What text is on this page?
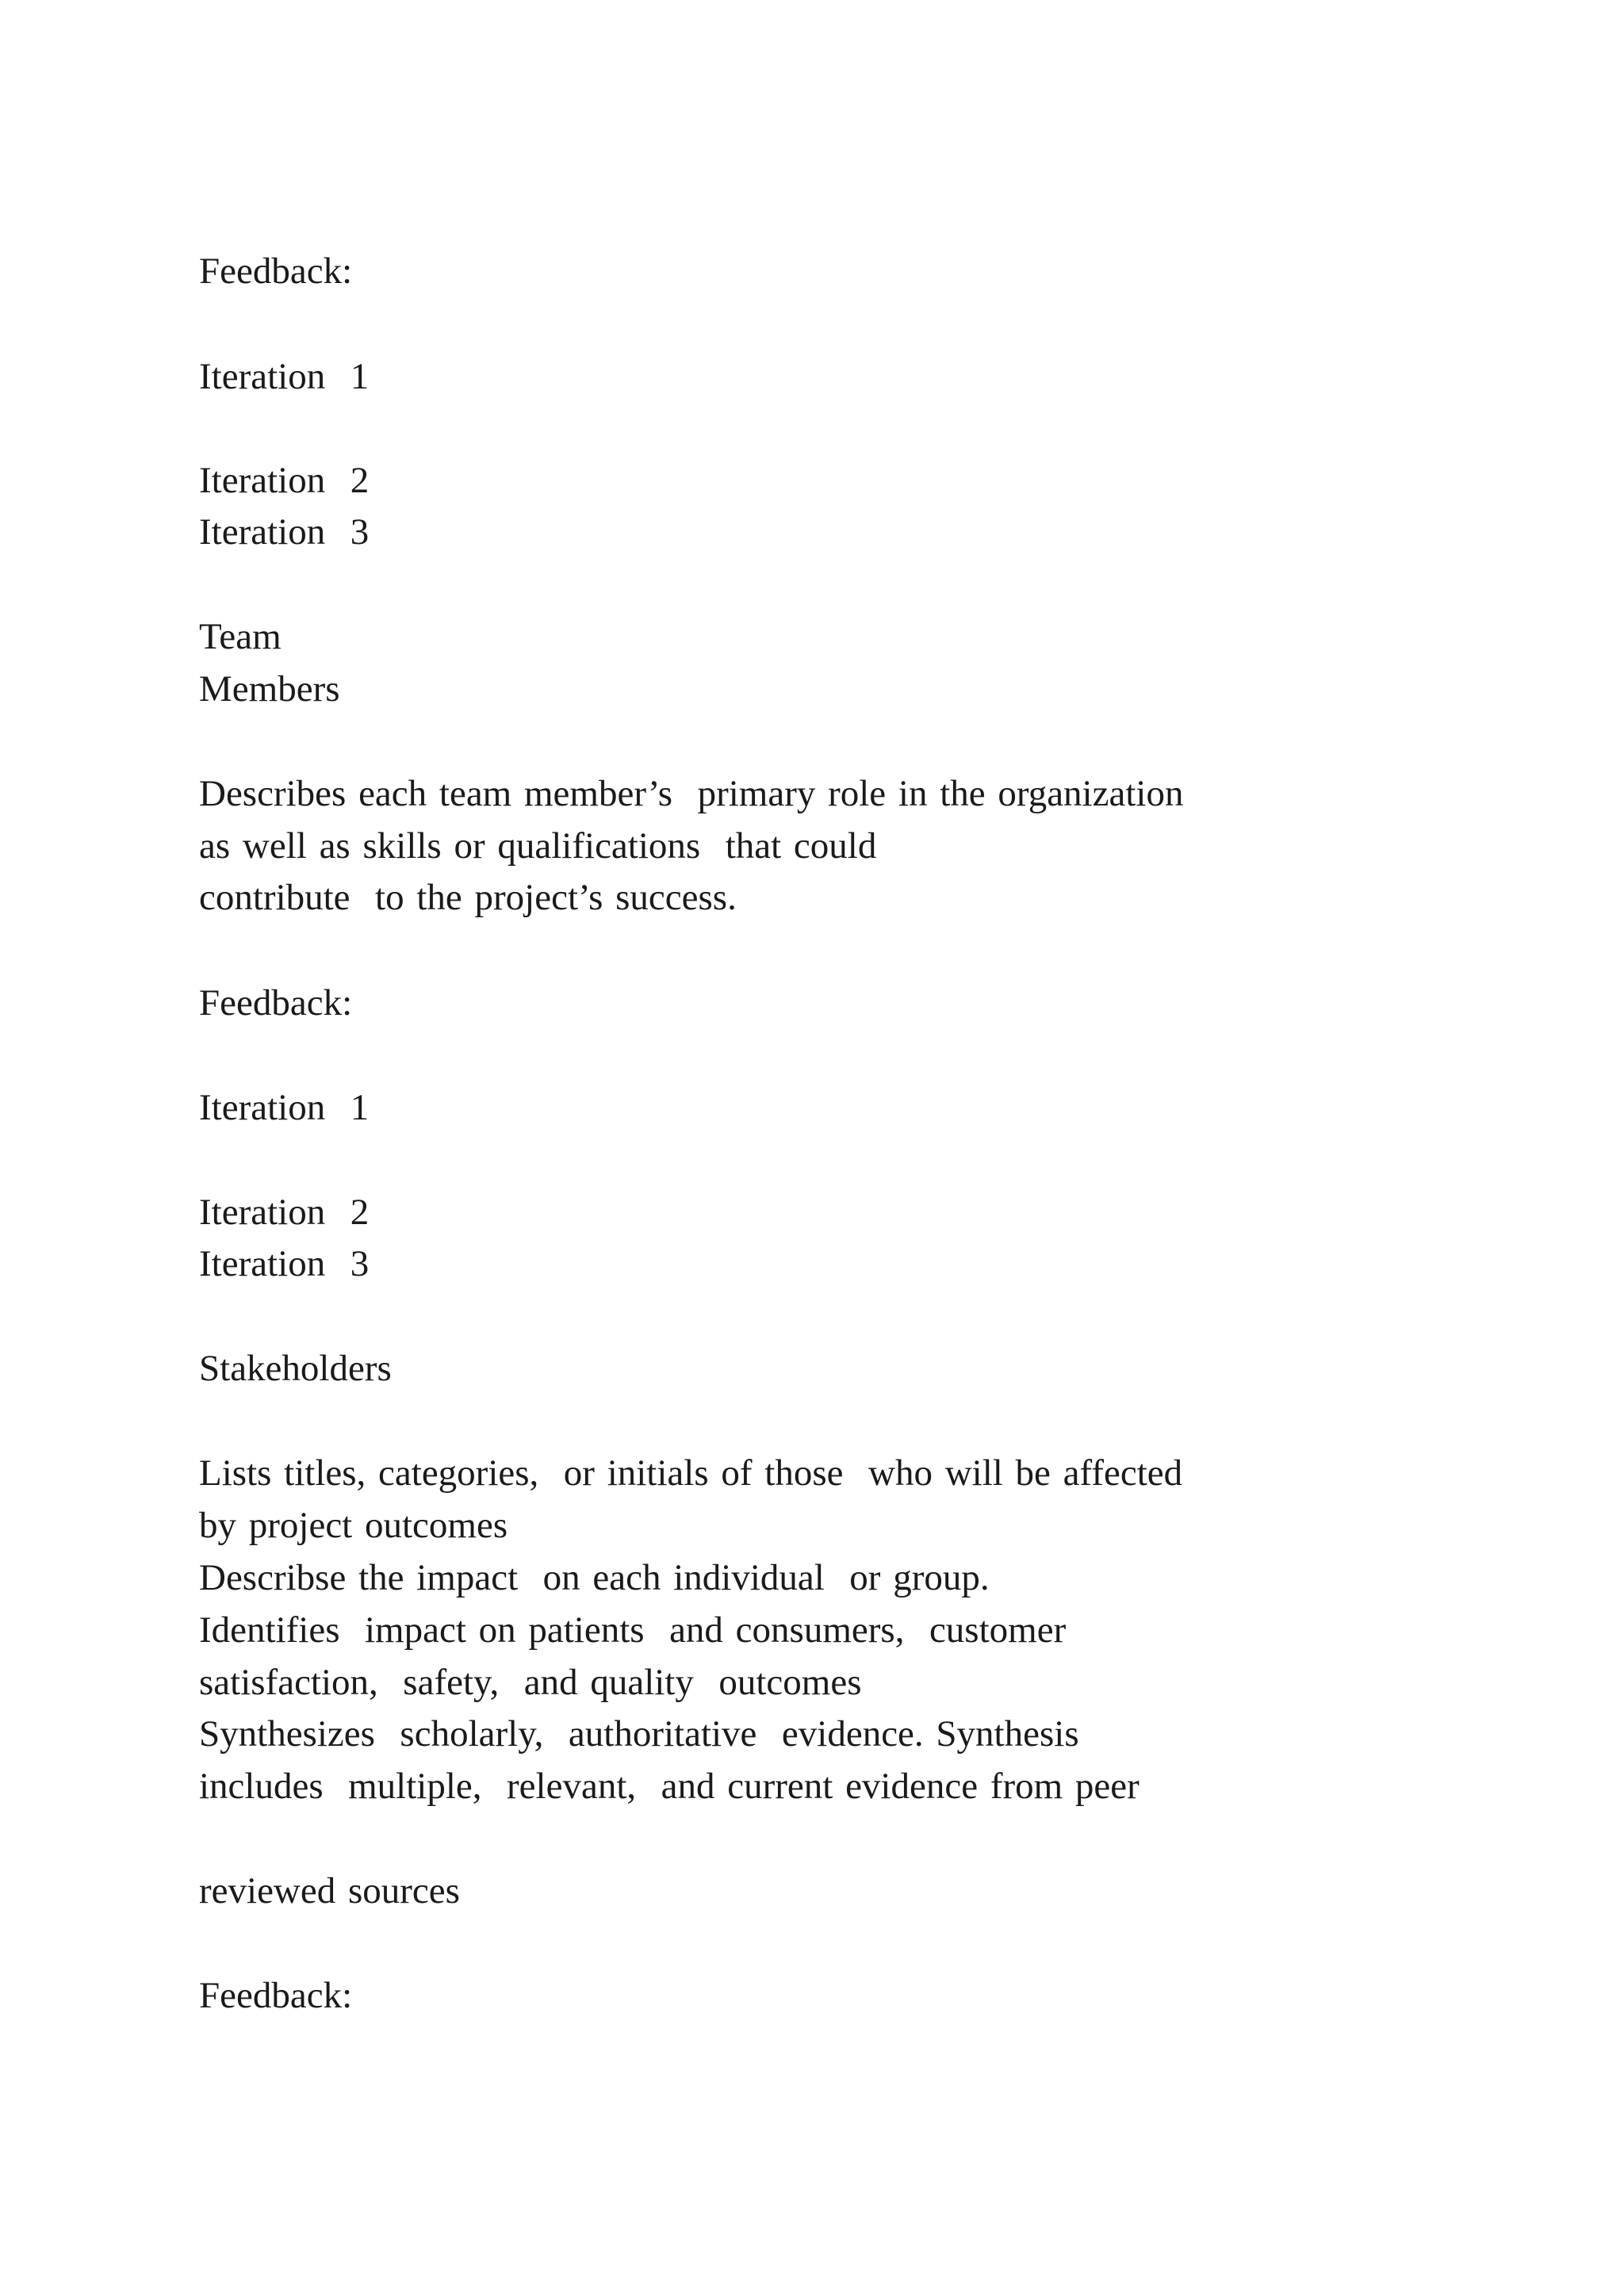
Feedback:

Iteration  1

Iteration  2

Iteration  3

Team

Members

Describes each team member’s  primary role in the organization

as well as skills or qualifications  that could

contribute  to the project’s success.

Feedback:

Iteration  1

Iteration  2

Iteration  3

Stakeholders

Lists titles, categories,  or initials of those  who will be affected

by project outcomes

Describse the impact  on each individual  or group.

Identifies  impact on patients  and consumers,  customer

satisfaction,  safety,  and quality  outcomes

Synthesizes  scholarly,  authoritative  evidence. Synthesis

includes  multiple,  relevant,  and current evidence from peer

reviewed sources

Feedback:
